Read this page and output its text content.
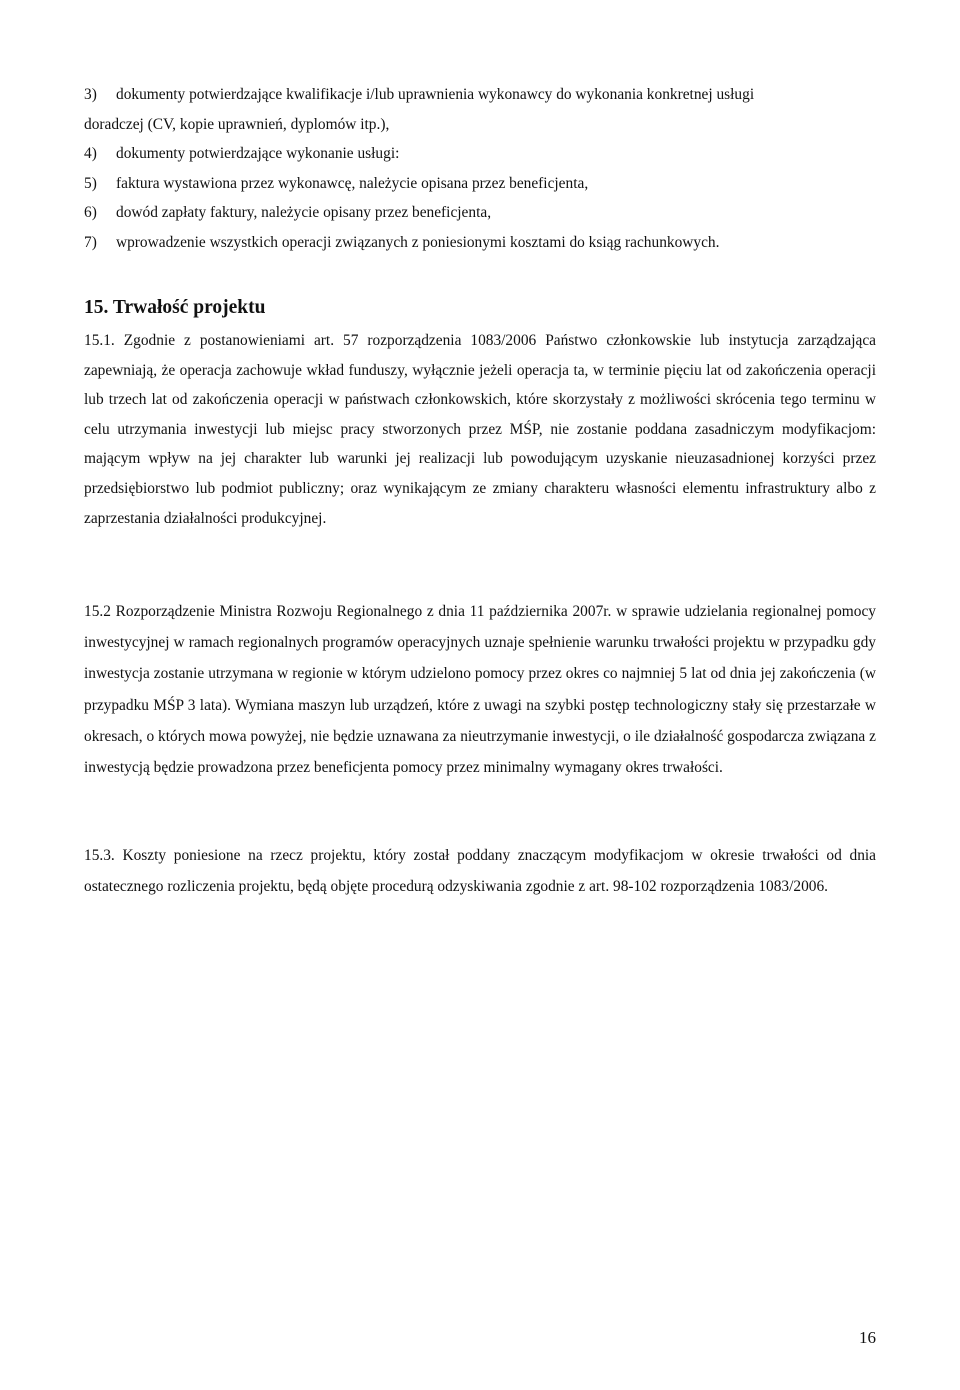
3)	dokumenty potwierdzające kwalifikacje i/lub uprawnienia wykonawcy do wykonania konkretnej usługi
doradczej (CV, kopie uprawnień, dyplomów itp.),
4)	dokumenty potwierdzające wykonanie usługi:
5)	faktura wystawiona przez wykonawcę, należycie opisana przez beneficjenta,
6)	dowód zapłaty faktury, należycie opisany przez beneficjenta,
7)	wprowadzenie wszystkich operacji związanych z poniesionymi kosztami do ksiąg rachunkowych.
15. Trwałość projektu

15.1. Zgodnie z postanowieniami art. 57 rozporządzenia 1083/2006 Państwo członkowskie lub instytucja zarządzająca zapewniają, że operacja zachowuje wkład funduszy, wyłącznie jeżeli operacja ta, w terminie pięciu lat od zakończenia operacji lub trzech lat od zakończenia operacji w państwach członkowskich, które skorzystały z możliwości skrócenia tego terminu w celu utrzymania inwestycji lub miejsc pracy stworzonych przez MŚP, nie zostanie poddana zasadniczym modyfikacjom: mającym wpływ na jej charakter lub warunki jej realizacji lub powodującym uzyskanie nieuzasadnionej korzyści przez przedsiębiorstwo lub podmiot publiczny; oraz wynikającym ze zmiany charakteru własności elementu infrastruktury albo z zaprzestania działalności produkcyjnej.

15.2 Rozporządzenie Ministra Rozwoju Regionalnego z dnia 11 października 2007r. w sprawie udzielania regionalnej pomocy inwestycyjnej w ramach regionalnych programów operacyjnych uznaje spełnienie warunku trwałości projektu w przypadku gdy inwestycja zostanie utrzymana w regionie w którym udzielono pomocy przez okres co najmniej 5 lat od dnia jej zakończenia (w przypadku MŚP 3 lata). Wymiana maszyn lub urządzeń, które z uwagi na szybki postęp technologiczny stały się przestarzałe w okresach, o których mowa powyżej, nie będzie uznawana za nieutrzymanie inwestycji, o ile działalność gospodarcza związana z inwestycją będzie prowadzona przez beneficjenta pomocy przez minimalny wymagany okres trwałości.

15.3. Koszty poniesione na rzecz projektu, który został poddany znaczącym modyfikacjom w okresie trwałości od dnia ostatecznego rozliczenia projektu, będą objęte procedurą odzyskiwania zgodnie z art. 98-102 rozporządzenia 1083/2006.

16
